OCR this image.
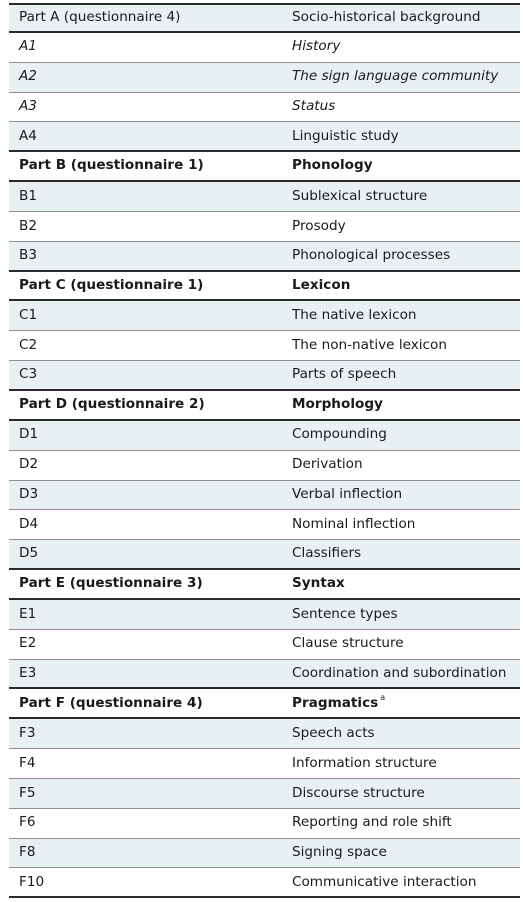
Part A (questionnaire 4)	Socio-historical background
A1	History
A2	The sign language community
A3	Status
A4	Linguistic study
Part B (questionnaire 1)	Phonology
B1	Sublexical structure
B2	Prosody
B3	Phonological processes
Part C (questionnaire 1)	Lexicon
C1	The native lexicon
C2	The non-native lexicon
C3	Parts of speech
Part D (questionnaire 2)	Morphology
D1	Compounding
D2	Derivation
D3	Verbal inflection
D4	Nominal inflection
D5	Classifiers
Part E (questionnaire 3)	Syntax
E1	Sentence types
E2	Clause structure
E3	Coordination and subordination
Part F (questionnaire 4)	Pragmatics $^a$
F3	Speech acts
F4	Information structure
F5	Discourse structure
F6	Reporting and role shift
F8	Signing space
F10	Communicative interaction
